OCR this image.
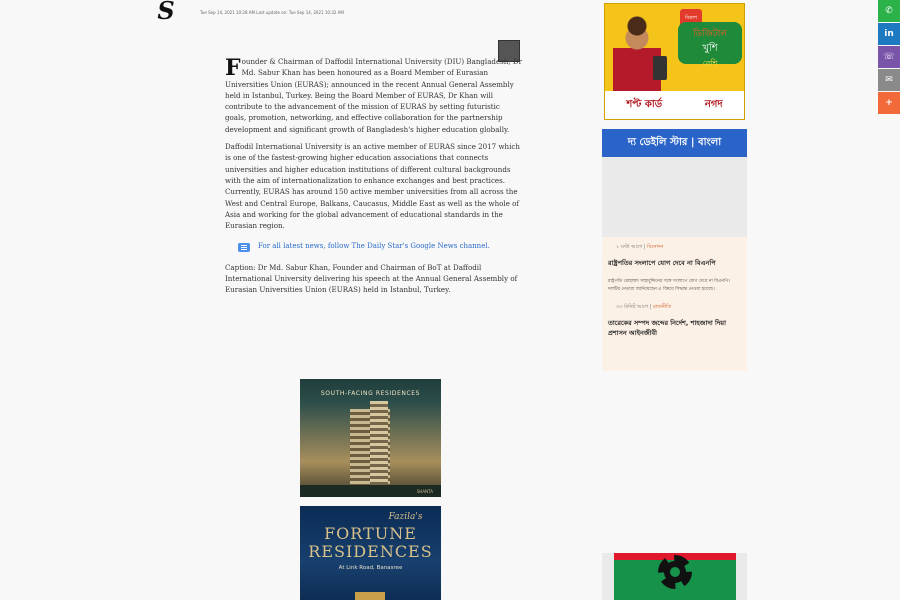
S	Tue Sep 14, 2021 10:28 AM Last update on: Tue Sep 14, 2021 10:32 AM

Founder & Chairman of Daffodil International University (DIU) Bangladesh, Dr Md. Sabur Khan has been honoured as a Board Member of Eurasian Universities Union (EURAS); announced in the recent Annual General Assembly held in Istanbul, Turkey. Being the Board Member of EURAS, Dr Khan will contribute to the advancement of the mission of EURAS by setting futuristic goals, promotion, networking, and effective collaboration for the partnership development and significant growth of Bangladesh's higher education globally.

Daffodil International University is an active member of EURAS since 2017 which is one of the fastest-growing higher education associations that connects universities and higher education institutions of different cultural backgrounds with the aim of internationalization to enhance exchanges and best practices. Currently, EURAS has around 150 active member universities from all across the West and Central Europe, Balkans, Caucasus, Middle East as well as the whole of Asia and working for the global advancement of educational standards in the Eurasian region.

For all latest news, follow The Daily Star's Google News channel.

Caption: Dr Md. Sabur Khan, Founder and Chairman of BoT at Daffodil International University delivering his speech at the Annual General Assembly of Eurasian Universities Union (EURAS) held in Istanbul, Turkey.

SOUTH-FACING RESIDENCES
SHANTA
Fazila's
FORTUNE
RESIDENCES
At Link Road, Banasree
বিকাশ
ডিজিটাল
খুশি
বেশি
শপ্ট কার্ড	নগদ
দ্য ডেইলি স্টার | বাংলা
২ ঘণ্টা আগে | বিনোদন
রাষ্ট্রপতির সংলাপে যোগ দেবে না বিএনপি
রাষ্ট্রপতি মোহাম্মদ সাহাবুদ্দিনের সঙ্গে সংলাপে যোগ দেবে না বিএনপি। দলটির নেতারা জানিয়েছেন এ বিষয়ে সিদ্ধান্ত নেওয়া হয়েছে।
৩৩ মিনিট আগে | রাজনীতি
তারেকের সম্পদ জব্দের নির্দেশ, শাহজাদা দিয়া প্রশাসন আইনজীবী
✆
in
☏
✉
+
